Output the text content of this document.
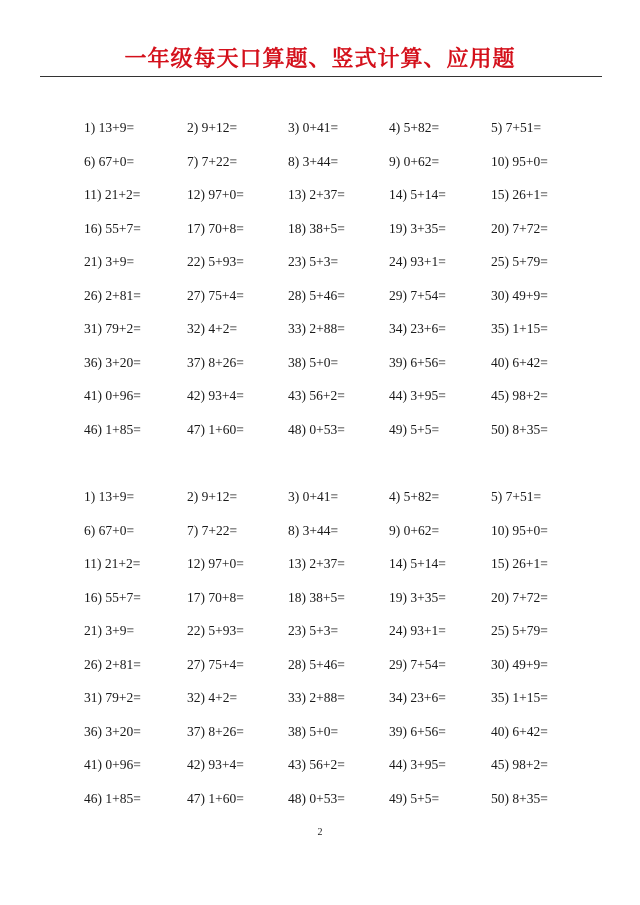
一年级每天口算题、竖式计算、应用题
1) 13+9=	2) 9+12=	3) 0+41=	4) 5+82=	5) 7+51=
6) 67+0=	7) 7+22=	8) 3+44=	9) 0+62=	10) 95+0=
11) 21+2=	12) 97+0=	13) 2+37=	14) 5+14=	15) 26+1=
16) 55+7=	17) 70+8=	18) 38+5=	19) 3+35=	20) 7+72=
21) 3+9=	22) 5+93=	23) 5+3=	24) 93+1=	25) 5+79=
26) 2+81=	27) 75+4=	28) 5+46=	29) 7+54=	30) 49+9=
31) 79+2=	32) 4+2=	33) 2+88=	34) 23+6=	35) 1+15=
36) 3+20=	37) 8+26=	38) 5+0=	39) 6+56=	40) 6+42=
41) 0+96=	42) 93+4=	43) 56+2=	44) 3+95=	45) 98+2=
46) 1+85=	47) 1+60=	48) 0+53=	49) 5+5=	50) 8+35=
1) 13+9=	2) 9+12=	3) 0+41=	4) 5+82=	5) 7+51=
6) 67+0=	7) 7+22=	8) 3+44=	9) 0+62=	10) 95+0=
11) 21+2=	12) 97+0=	13) 2+37=	14) 5+14=	15) 26+1=
16) 55+7=	17) 70+8=	18) 38+5=	19) 3+35=	20) 7+72=
21) 3+9=	22) 5+93=	23) 5+3=	24) 93+1=	25) 5+79=
26) 2+81=	27) 75+4=	28) 5+46=	29) 7+54=	30) 49+9=
31) 79+2=	32) 4+2=	33) 2+88=	34) 23+6=	35) 1+15=
36) 3+20=	37) 8+26=	38) 5+0=	39) 6+56=	40) 6+42=
41) 0+96=	42) 93+4=	43) 56+2=	44) 3+95=	45) 98+2=
46) 1+85=	47) 1+60=	48) 0+53=	49) 5+5=	50) 8+35=
2
